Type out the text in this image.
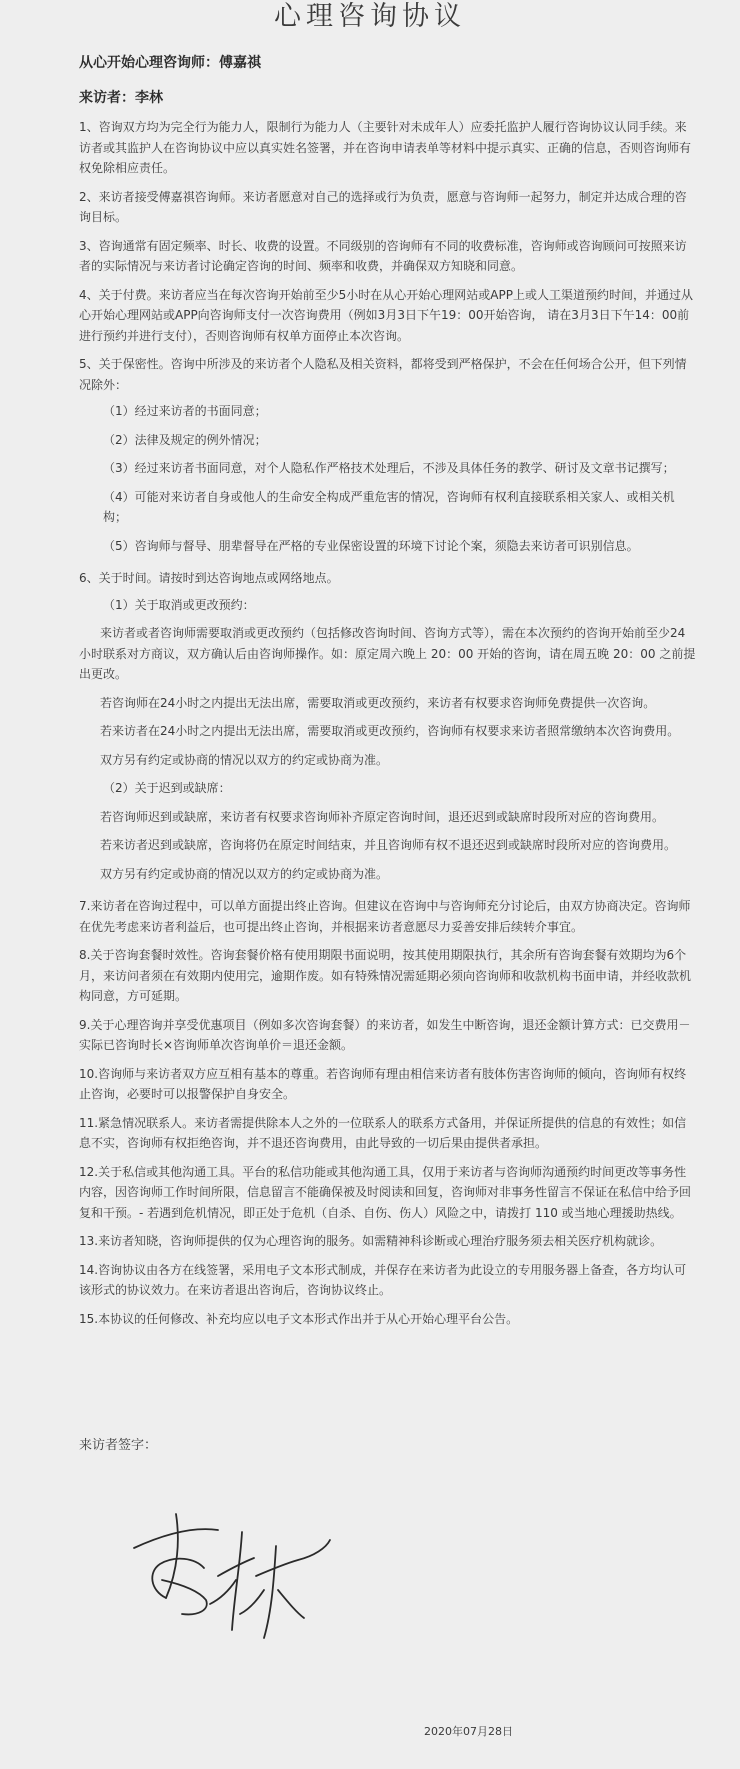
心理咨询协议
从心开始心理咨询师：傅嘉祺
来访者：李林

1、咨询双方均为完全行为能力人，限制行为能力人（主要针对未成年人）应委托监护人履行咨询协议认同手续。来访者或其监护人在咨询协议中应以真实姓名签署，并在咨询申请表单等材料中提示真实、正确的信息，否则咨询师有权免除相应责任。

2、来访者接受傅嘉祺咨询师。来访者愿意对自己的选择或行为负责，愿意与咨询师一起努力，制定并达成合理的咨询目标。

3、咨询通常有固定频率、时长、收费的设置。不同级别的咨询师有不同的收费标准，咨询师或咨询顾问可按照来访者的实际情况与来访者讨论确定咨询的时间、频率和收费，并确保双方知晓和同意。

4、关于付费。来访者应当在每次咨询开始前至少5小时在从心开始心理网站或APP上或人工渠道预约时间，并通过从心开始心理网站或APP向咨询师支付一次咨询费用（例如3月3日下午19：00开始咨询， 请在3月3日下午14：00前进行预约并进行支付），否则咨询师有权单方面停止本次咨询。

5、关于保密性。咨询中所涉及的来访者个人隐私及相关资料，都将受到严格保护，不会在任何场合公开，但下列情况除外：

（1）经过来访者的书面同意；
（2）法律及规定的例外情况；
（3）经过来访者书面同意，对个人隐私作严格技术处理后，不涉及具体任务的教学、研讨及文章书记撰写；
（4）可能对来访者自身或他人的生命安全构成严重危害的情况，咨询师有权利直接联系相关家人、或相关机构；
（5）咨询师与督导、朋辈督导在严格的专业保密设置的环境下讨论个案，须隐去来访者可识别信息。

6、关于时间。请按时到达咨询地点或网络地点。

（1）关于取消或更改预约：

来访者或者咨询师需要取消或更改预约（包括修改咨询时间、咨询方式等），需在本次预约的咨询开始前至少24小时联系对方商议，双方确认后由咨询师操作。如：原定周六晚上 20：00 开始的咨询，请在周五晚 20：00 之前提出更改。

若咨询师在24小时之内提出无法出席，需要取消或更改预约，来访者有权要求咨询师免费提供一次咨询。
若来访者在24小时之内提出无法出席，需要取消或更改预约，咨询师有权要求来访者照常缴纳本次咨询费用。
双方另有约定或协商的情况以双方的约定或协商为准。
（2）关于迟到或缺席：
若咨询师迟到或缺席，来访者有权要求咨询师补齐原定咨询时间，退还迟到或缺席时段所对应的咨询费用。
若来访者迟到或缺席，咨询将仍在原定时间结束，并且咨询师有权不退还迟到或缺席时段所对应的咨询费用。
双方另有约定或协商的情况以双方的约定或协商为准。

7.来访者在咨询过程中，可以单方面提出终止咨询。但建议在咨询中与咨询师充分讨论后，由双方协商决定。咨询师在优先考虑来访者利益后，也可提出终止咨询，并根据来访者意愿尽力妥善安排后续转介事宜。

8.关于咨询套餐时效性。咨询套餐价格有使用期限书面说明，按其使用期限执行，其余所有咨询套餐有效期均为6个月，来访问者须在有效期内使用完，逾期作废。如有特殊情况需延期必须向咨询师和收款机构书面申请，并经收款机构同意，方可延期。

9.关于心理咨询并享受优惠项目（例如多次咨询套餐）的来访者，如发生中断咨询，退还金额计算方式：已交费用－实际已咨询时长×咨询师单次咨询单价＝退还金额。

10.咨询师与来访者双方应互相有基本的尊重。若咨询师有理由相信来访者有肢体伤害咨询师的倾向，咨询师有权终止咨询，必要时可以报警保护自身安全。

11.紧急情况联系人。来访者需提供除本人之外的一位联系人的联系方式备用，并保证所提供的信息的有效性；如信息不实，咨询师有权拒绝咨询，并不退还咨询费用，由此导致的一切后果由提供者承担。

12.关于私信或其他沟通工具。平台的私信功能或其他沟通工具，仅用于来访者与咨询师沟通预约时间更改等事务性内容，因咨询师工作时间所限，信息留言不能确保被及时阅读和回复，咨询师对非事务性留言不保证在私信中给予回复和干预。- 若遇到危机情况，即正处于危机（自杀、自伤、伤人）风险之中，请拨打 110 或当地心理援助热线。

13.来访者知晓，咨询师提供的仅为心理咨询的服务。如需精神科诊断或心理治疗服务须去相关医疗机构就诊。

14.咨询协议由各方在线签署，采用电子文本形式制成，并保存在来访者为此设立的专用服务器上备查，各方均认可该形式的协议效力。在来访者退出咨询后，咨询协议终止。

15.本协议的任何修改、补充均应以电子文本形式作出并于从心开始心理平台公告。

来访者签字：
2020年07月28日
